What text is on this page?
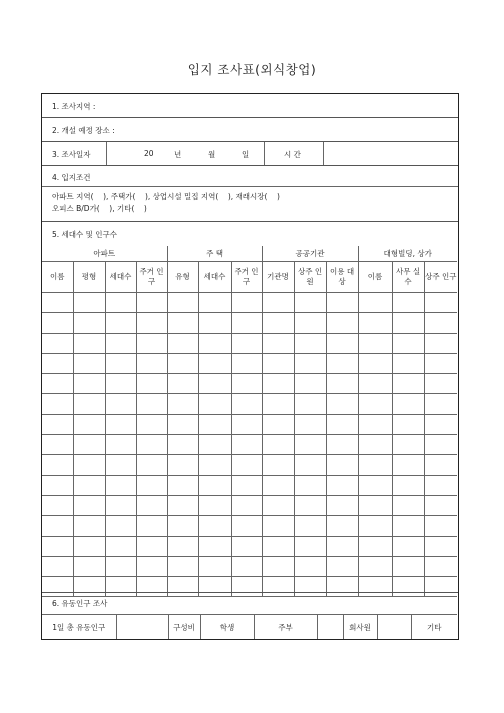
입지 조사표(외식창업)
1. 조사지역 :
2. 개설 예정 장소 :
3. 조사일자	20	년	월	일	시 간
4. 입지조건
아파트 지역(    ), 주택가(    ), 상업시설 밀집 지역(    ), 재래시장(    )
오피스 B/D가(    ), 기타(    )
5. 세대수 및 인구수
아파트				주 택			공공기관			대형빌딩, 상가		
이름	평형	세대수	주거 인구	유형	세대수	주거 인구	기관명	상주 인원	이용 대상	이름	사무 실수	상주 인구

6. 유동인구 조사
1일 총 유동인구		구성비	학생	주부		회사원		기타
